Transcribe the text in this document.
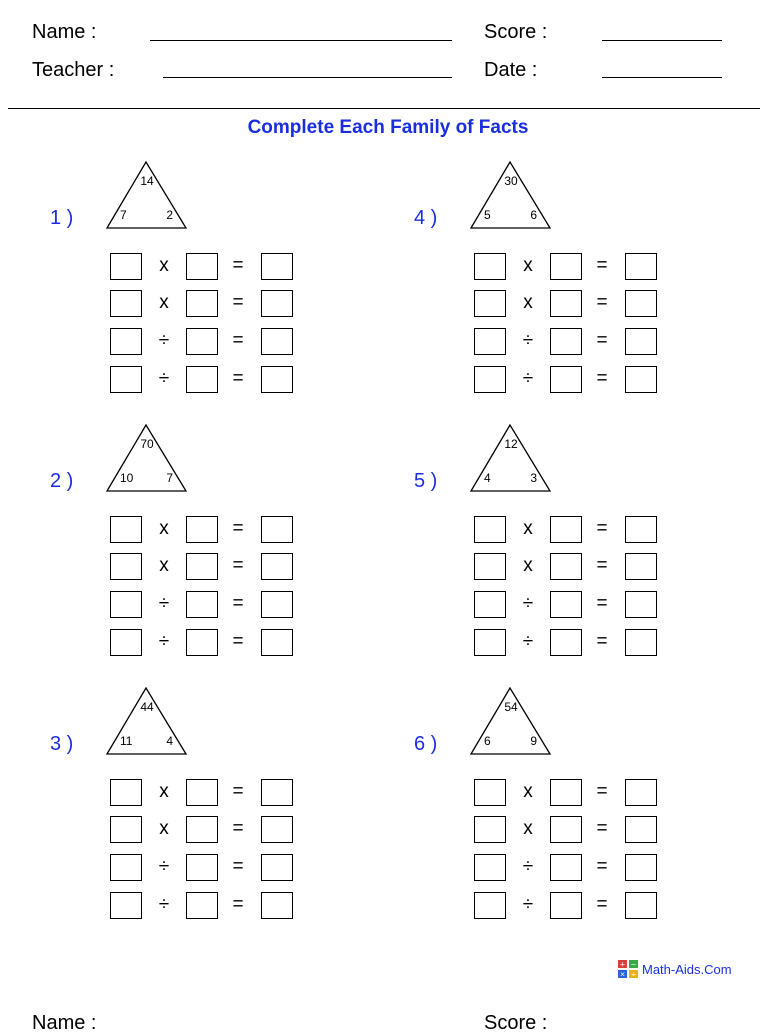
Name :	Score :
Teacher :	Date :
Complete Each Family of Facts
1 )
14
7	2
x	=
x	=
÷	=
÷	=
2 )
70
10	7
x	=
x	=
÷	=
÷	=
3 )
44
11	4
x	=
x	=
÷	=
÷	=
4 )
30
5	6
x	=
x	=
÷	=
÷	=
5 )
12
4	3
x	=
x	=
÷	=
÷	=
6 )
54
6	9
x	=
x	=
÷	=
÷	=
+ −
× ÷ Math-Aids.Com
Name :	Score :
